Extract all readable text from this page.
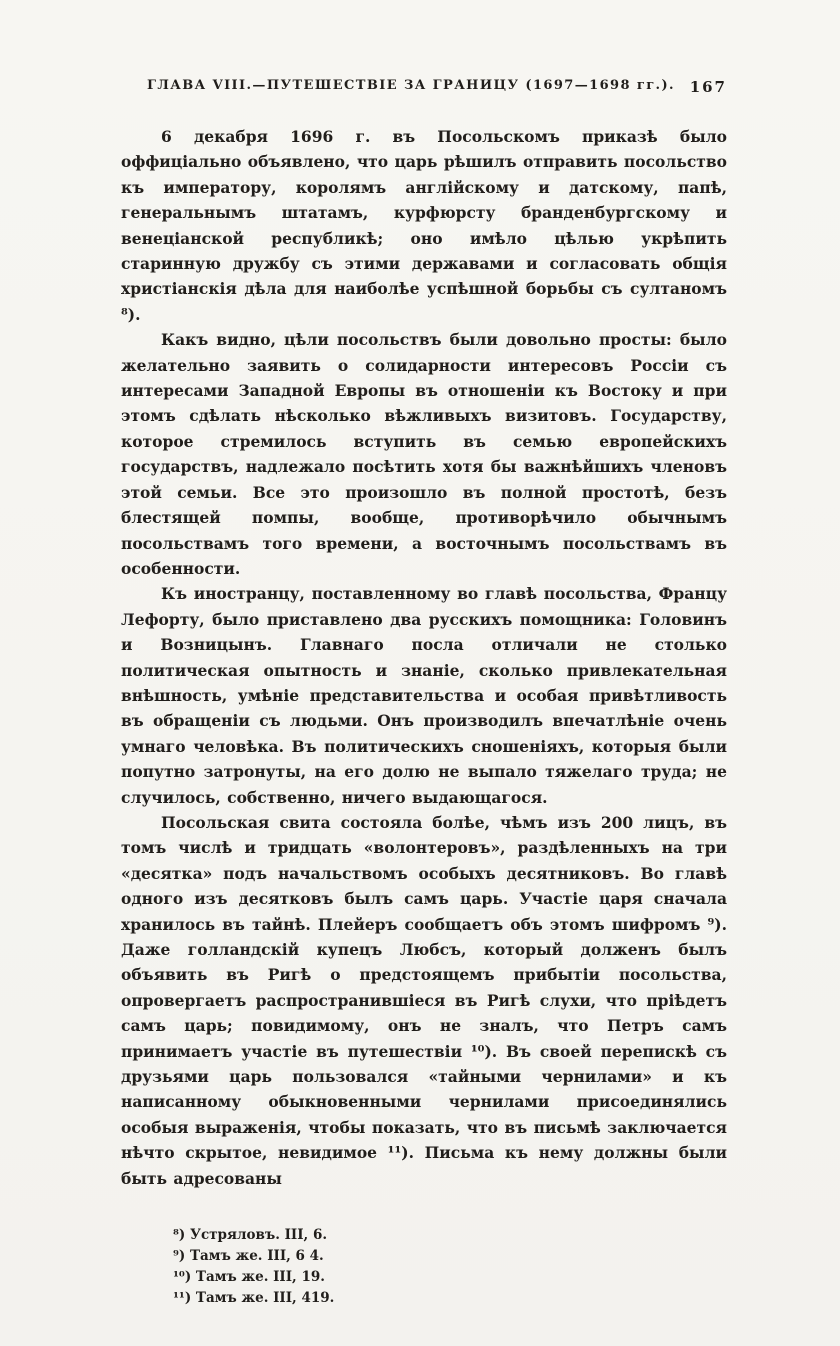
ГЛАВА VIII.—ПУТЕШЕСТВІЕ ЗА ГРАНИЦУ (1697—1698 гг.). 167

6 декабря 1696 г. въ Посольскомъ приказѣ было оффиціально объявлено, что царь рѣшилъ отправить посольство къ императору, королямъ англійскому и датскому, папѣ, генеральнымъ штатамъ, курфюрсту бранденбургскому и венеціанской республикѣ; оно имѣло цѣлью укрѣпить старинную дружбу съ этими державами и согласовать общія христіанскія дѣла для наиболѣе успѣшной борьбы съ султаномъ ⁸).

Какъ видно, цѣли посольствъ были довольно просты: было желательно заявить о солидарности интересовъ Россіи съ интересами Западной Европы въ отношеніи къ Востоку и при этомъ сдѣлать нѣсколько вѣжливыхъ визитовъ. Государству, которое стремилось вступить въ семью европейскихъ государствъ, надлежало посѣтить хотя бы важнѣйшихъ членовъ этой семьи. Все это произошло въ полной простотѣ, безъ блестящей помпы, вообще, противорѣчило обычнымъ посольствамъ того времени, а восточнымъ посольствамъ въ особенности.

Къ иностранцу, поставленному во главѣ посольства, Францу Лефорту, было приставлено два русскихъ помощника: Головинъ и Возницынъ. Главнаго посла отличали не столько политическая опытность и знаніе, сколько привлекательная внѣшность, умѣніе представительства и особая привѣтливость въ обращеніи съ людьми. Онъ производилъ впечатлѣніе очень умнаго человѣка. Въ политическихъ сношеніяхъ, которыя были попутно затронуты, на его долю не выпало тяжелаго труда; не случилось, собственно, ничего выдающагося.

Посольская свита состояла болѣе, чѣмъ изъ 200 лицъ, въ томъ числѣ и тридцать «волонтеровъ», раздѣленныхъ на три «десятка» подъ начальствомъ особыхъ десятниковъ. Во главѣ одного изъ десятковъ былъ самъ царь. Участіе царя сначала хранилось въ тайнѣ. Плейеръ сообщаетъ объ этомъ шифромъ ⁹). Даже голландскій купецъ Любсъ, который долженъ былъ объявить въ Ригѣ о предстоящемъ прибытіи посольства, опровергаетъ распространившіеся въ Ригѣ слухи, что пріѣдетъ самъ царь; повидимому, онъ не зналъ, что Петръ самъ принимаетъ участіе въ путешествіи ¹⁰). Въ своей перепискѣ съ друзьями царь пользовался «тайными чернилами» и къ написанному обыкновенными чернилами присоединялись особыя выраженія, чтобы показать, что въ письмѣ заключается нѣчто скрытое, невидимое ¹¹). Письма къ нему должны были быть адресованы

⁸) Устряловъ. III, 6.
⁹) Тамъ же. III, 6 4.
¹⁰) Тамъ же. III, 19.
¹¹) Тамъ же. III, 419.
